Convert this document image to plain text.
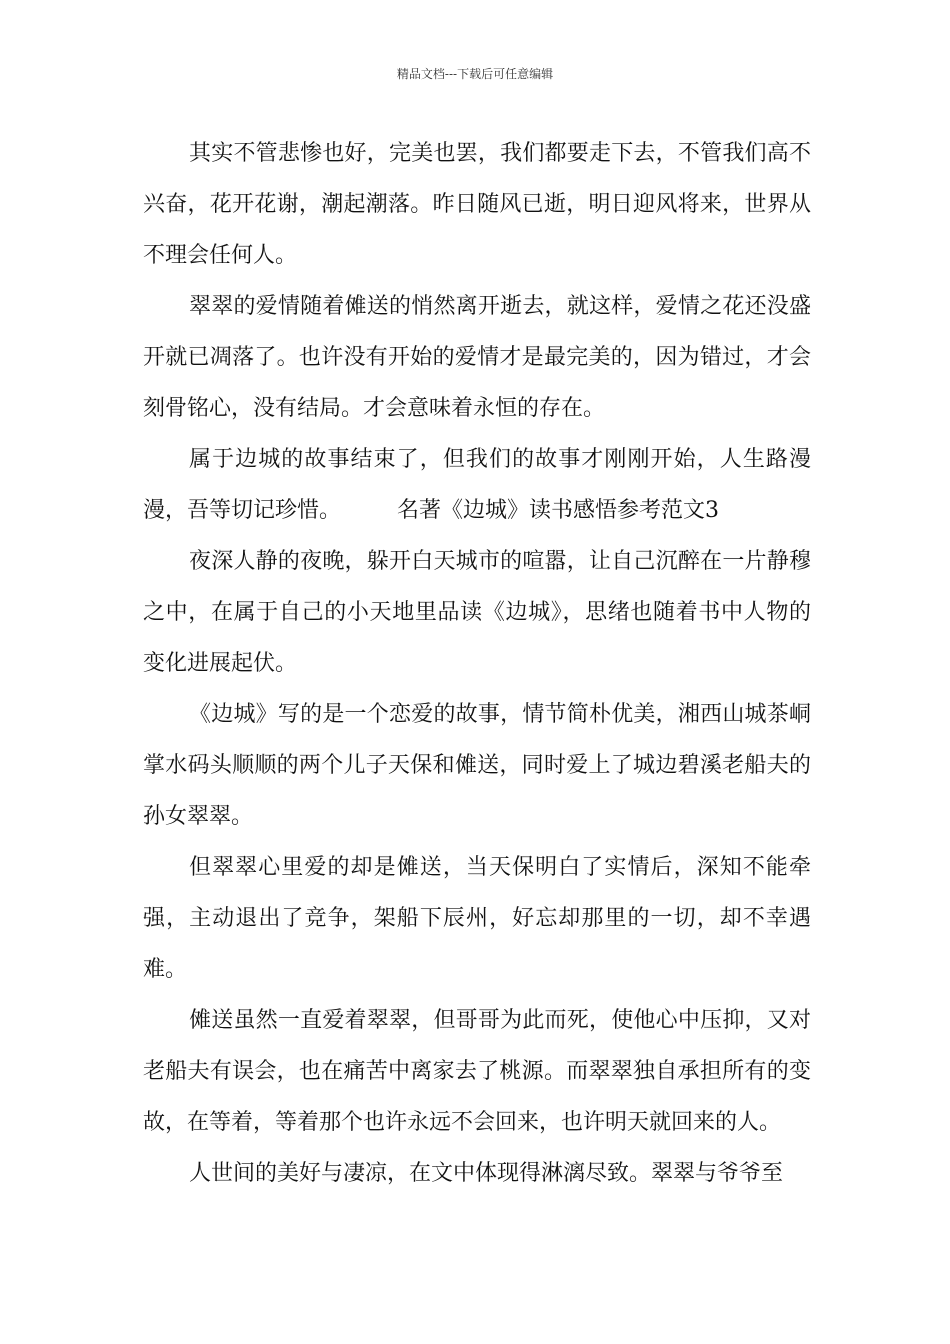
精品文档---下载后可任意编辑

其实不管悲惨也好，完美也罢，我们都要走下去，不管我们高不兴奋，花开花谢，潮起潮落。昨日随风已逝，明日迎风将来，世界从不理会任何人。

翠翠的爱情随着傩送的悄然离开逝去，就这样，爱情之花还没盛开就已凋落了。也许没有开始的爱情才是最完美的，因为错过，才会刻骨铭心，没有结局。才会意味着永恒的存在。

属于边城的故事结束了，但我们的故事才刚刚开始，人生路漫漫，吾等切记珍惜。	名著《边城》读书感悟参考范文3

夜深人静的夜晚，躲开白天城市的喧嚣，让自己沉醉在一片静穆之中，在属于自己的小天地里品读《边城》，思绪也随着书中人物的变化进展起伏。

《边城》写的是一个恋爱的故事，情节简朴优美，湘西山城茶峒掌水码头顺顺的两个儿子天保和傩送，同时爱上了城边碧溪老船夫的孙女翠翠。

但翠翠心里爱的却是傩送，当天保明白了实情后，深知不能牵强，主动退出了竞争，架船下辰州，好忘却那里的一切，却不幸遇难。

傩送虽然一直爱着翠翠，但哥哥为此而死，使他心中压抑，又对老船夫有误会，也在痛苦中离家去了桃源。而翠翠独自承担所有的变故，在等着，等着那个也许永远不会回来，也许明天就回来的人。

人世间的美好与凄凉，在文中体现得淋漓尽致。翠翠与爷爷至
